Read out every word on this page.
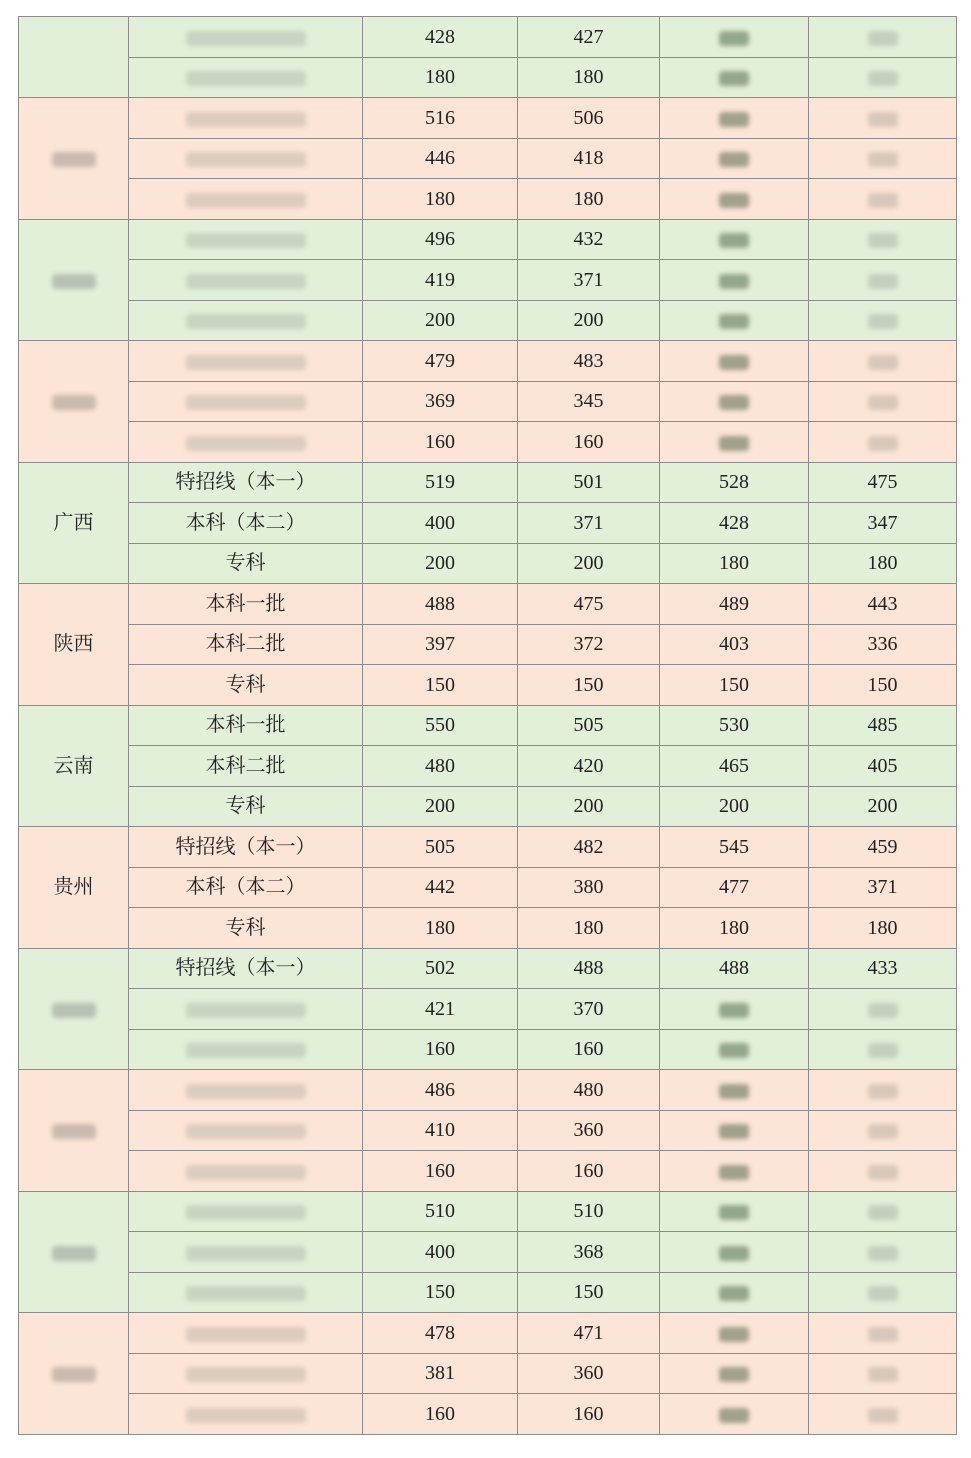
		428	427		
		180	180		
		516	506		
		446	418		
		180	180		
		496	432		
		419	371		
		200	200		
		479	483		
		369	345		
		160	160		
广西	特招线（本一）	519	501	528	475
	本科（本二）	400	371	428	347
	专科	200	200	180	180
陕西	本科一批	488	475	489	443
	本科二批	397	372	403	336
	专科	150	150	150	150
云南	本科一批	550	505	530	485
	本科二批	480	420	465	405
	专科	200	200	200	200
贵州	特招线（本一）	505	482	545	459
	本科（本二）	442	380	477	371
	专科	180	180	180	180
	特招线（本一）	502	488	488	433
		421	370		
		160	160		
		486	480		
		410	360		
		160	160		
		510	510		
		400	368		
		150	150		
		478	471		
		381	360		
		160	160		
